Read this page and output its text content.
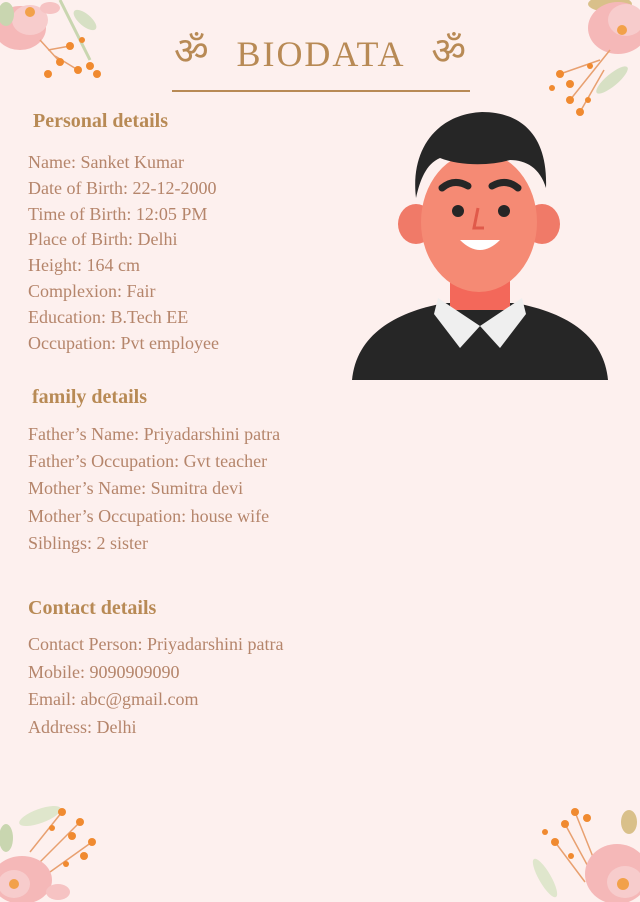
ॐ BIODATA ॐ
Personal details
Name: Sanket Kumar
Date of Birth: 22-12-2000
Time of Birth: 12:05 PM
Place of Birth: Delhi
Height: 164 cm
Complexion: Fair
Education: B.Tech EE
Occupation: Pvt employee
family details
Father’s Name: Priyadarshini patra
Father’s Occupation: Gvt teacher
Mother’s Name: Sumitra devi
Mother’s Occupation: house wife
Siblings: 2 sister
Contact details
Contact Person: Priyadarshini patra
Mobile: 9090909090
Email: abc@gmail.com
Address: Delhi
